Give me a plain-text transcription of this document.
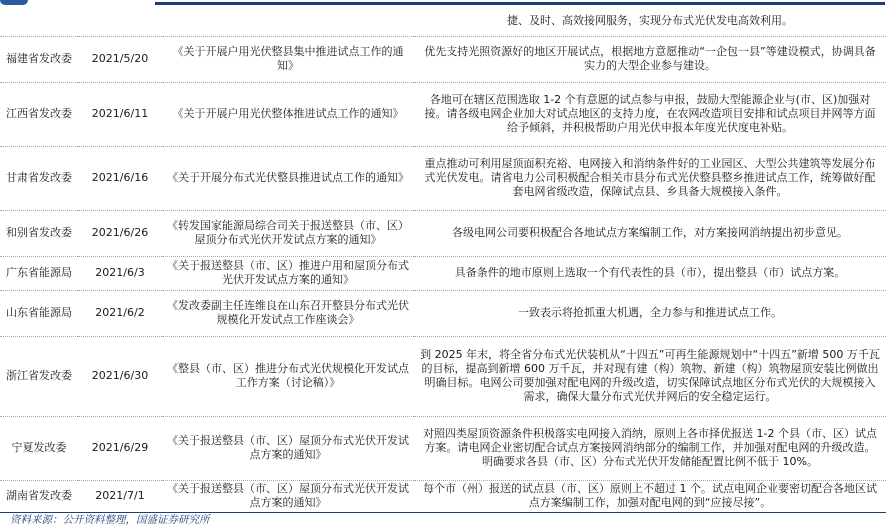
			捷、及时、高效接网服务，实现分布式光伏发电高效利用。
福建省发改委	2021/5/20	《关于开展户用光伏整县集中推进试点工作的通知》	优先支持光照资源好的地区开展试点，根据地方意愿推动“一企包一县”等建设模式，协调具备实力的大型企业参与建设。
江西省发改委	2021/6/11	《关于开展户用光伏整体推进试点工作的通知》	各地可在辖区范围选取 1-2 个有意愿的试点参与申报，鼓励大型能源企业与(市、区)加强对接。请各级电网企业加大对试点地区的支持力度，在农网改造项目安排和试点项目并网等方面给予倾斜，并积极帮助户用光伏申报本年度光伏度电补贴。
甘肃省发改委	2021/6/16	《关于开展分布式光伏整县推进试点工作的通知》	重点推动可利用屋顶面积充裕、电网接入和消纳条件好的工业园区、大型公共建筑等发展分布式光伏发电。请省电力公司积极配合相关市县分布式光伏整县整乡推进试点工作，统筹做好配套电网省级改造，保障试点县、乡具备大规模接入条件。
和别省发改委	2021/6/26	《转发国家能源局综合司关于报送整县（市、区）屋顶分布式光伏开发试点方案的通知》	各级电网公司要积极配合各地试点方案编制工作，对方案接网消纳提出初步意见。
广东省能源局	2021/6/3	《关于报送整县（市、区）推进户用和屋顶分布式光伏开发试点方案的通知》	具备条件的地市原则上选取一个有代表性的县（市），提出整县（市）试点方案。
山东省能源局	2021/6/2	《发改委副主任连维良在山东召开整县分布式光伏规模化开发试点工作座谈会》	一致表示将抢抓重大机遇，全力参与和推进试点工作。
浙江省发改委	2021/6/30	《整县（市、区）推进分布式光伏规模化开发试点工作方案（讨论稿）》	到 2025 年末，将全省分布式光伏装机从“十四五”可再生能源规划中“十四五”新增 500 万千瓦的目标，提高到新增 600 万千瓦，并对现有建（构）筑物、新建（构）筑物屋顶安装比例做出明确目标。电网公司要加强对配电网的升级改造，切实保障试点地区分布式光伏的大规模接入需求，确保大量分布式光伏并网后的安全稳定运行。
宁夏发改委	2021/6/29	《关于报送整县（市、区）屋顶分布式光伏开发试点方案的通知》	对照四类屋顶资源条件积极落实电网接入消纳，原则上各市择优报送 1-2 个县（市、区）试点方案。请电网企业密切配合试点方案接网消纳部分的编制工作，并加强对配电网的升级改造。明确要求各县（市、区）分布式光伏开发储能配置比例不低于 10%。
湖南省发改委	2021/7/1	《关于报送整县（市、区）屋顶分布式光伏开发试点方案的通知》	每个市（州）报送的试点县（市、区）原则上不超过 1 个。试点电网企业要密切配合各地区试点方案编制工作，加强对配电网的到“应接尽接”。
资料来源：公开资料整理，国盛证券研究所
